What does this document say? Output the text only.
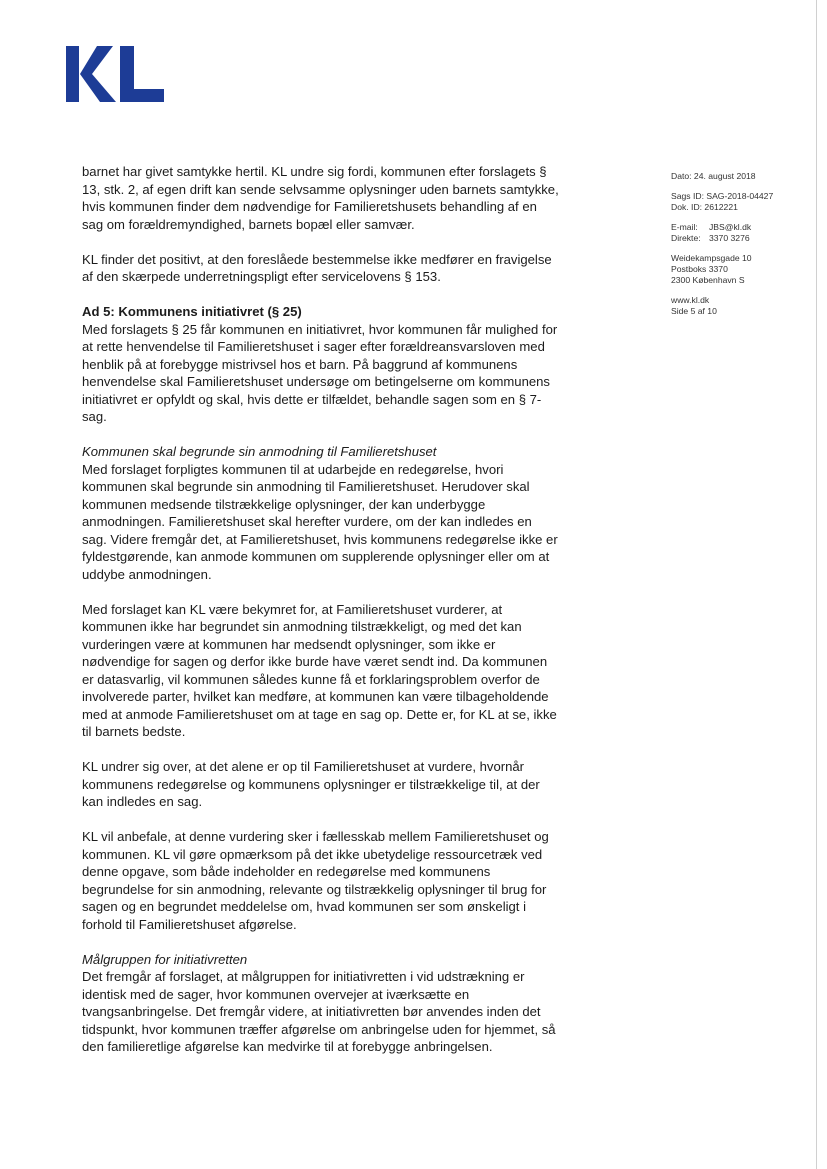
barnet har givet samtykke hertil. KL undre sig fordi, kommunen efter forslagets § 13, stk. 2, af egen drift kan sende selvsamme oplysninger uden barnets samtykke, hvis kommunen finder dem nødvendige for Familieretshusets behandling af en sag om forældremyndighed, barnets bopæl eller samvær.

KL finder det positivt, at den foreslåede bestemmelse ikke medfører en fravigelse af den skærpede underretningspligt efter servicelovens § 153.

Ad 5: Kommunens initiativret (§ 25)

Med forslagets § 25 får kommunen en initiativret, hvor kommunen får mulighed for at rette henvendelse til Familieretshuset i sager efter forældreansvarsloven med henblik på at forebygge mistrivsel hos et barn. På baggrund af kommunens henvendelse skal Familieretshuset undersøge om betingelserne om kommunens initiativret er opfyldt og skal, hvis dette er tilfældet, behandle sagen som en § 7-sag.

Kommunen skal begrunde sin anmodning til Familieretshuset

Med forslaget forpligtes kommunen til at udarbejde en redegørelse, hvori kommunen skal begrunde sin anmodning til Familieretshuset. Herudover skal kommunen medsende tilstrækkelige oplysninger, der kan underbygge anmodningen. Familieretshuset skal herefter vurdere, om der kan indledes en sag. Videre fremgår det, at Familieretshuset, hvis kommunens redegørelse ikke er fyldestgørende, kan anmode kommunen om supplerende oplysninger eller om at uddybe anmodningen.

Med forslaget kan KL være bekymret for, at Familieretshuset vurderer, at kommunen ikke har begrundet sin anmodning tilstrækkeligt, og med det kan vurderingen være at kommunen har medsendt oplysninger, som ikke er nødvendige for sagen og derfor ikke burde have været sendt ind. Da kommunen er datasvarlig, vil kommunen således kunne få et forklaringsproblem overfor de involverede parter, hvilket kan medføre, at kommunen kan være tilbageholdende med at anmode Familieretshuset om at tage en sag op. Dette er, for KL at se, ikke til barnets bedste.

KL undrer sig over, at det alene er op til Familieretshuset at vurdere, hvornår kommunens redegørelse og kommunens oplysninger er tilstrækkelige til, at der kan indledes en sag.

KL vil anbefale, at denne vurdering sker i fællesskab mellem Familieretshuset og kommunen. KL vil gøre opmærksom på det ikke ubetydelige ressourcetræk ved denne opgave, som både indeholder en redegørelse med kommunens begrundelse for sin anmodning, relevante og tilstrækkelig oplysninger til brug for sagen og en begrundet meddelelse om, hvad kommunen ser som ønskeligt i forhold til Familieretshuset afgørelse.

Målgruppen for initiativretten

Det fremgår af forslaget, at målgruppen for initiativretten i vid udstrækning er identisk med de sager, hvor kommunen overvejer at iværksætte en tvangsanbringelse. Det fremgår videre, at initiativretten bør anvendes inden det tidspunkt, hvor kommunen træffer afgørelse om anbringelse uden for hjemmet, så den familieretlige afgørelse kan medvirke til at forebygge anbringelsen.

Dato: 24. august 2018
Sags ID: SAG-2018-04427
Dok. ID: 2612221
E-mail:	JBS@kl.dk
Direkte: 3370 3276
Weidekampsgade 10
Postboks 3370
2300 København S
www.kl.dk
Side 5 af 10
